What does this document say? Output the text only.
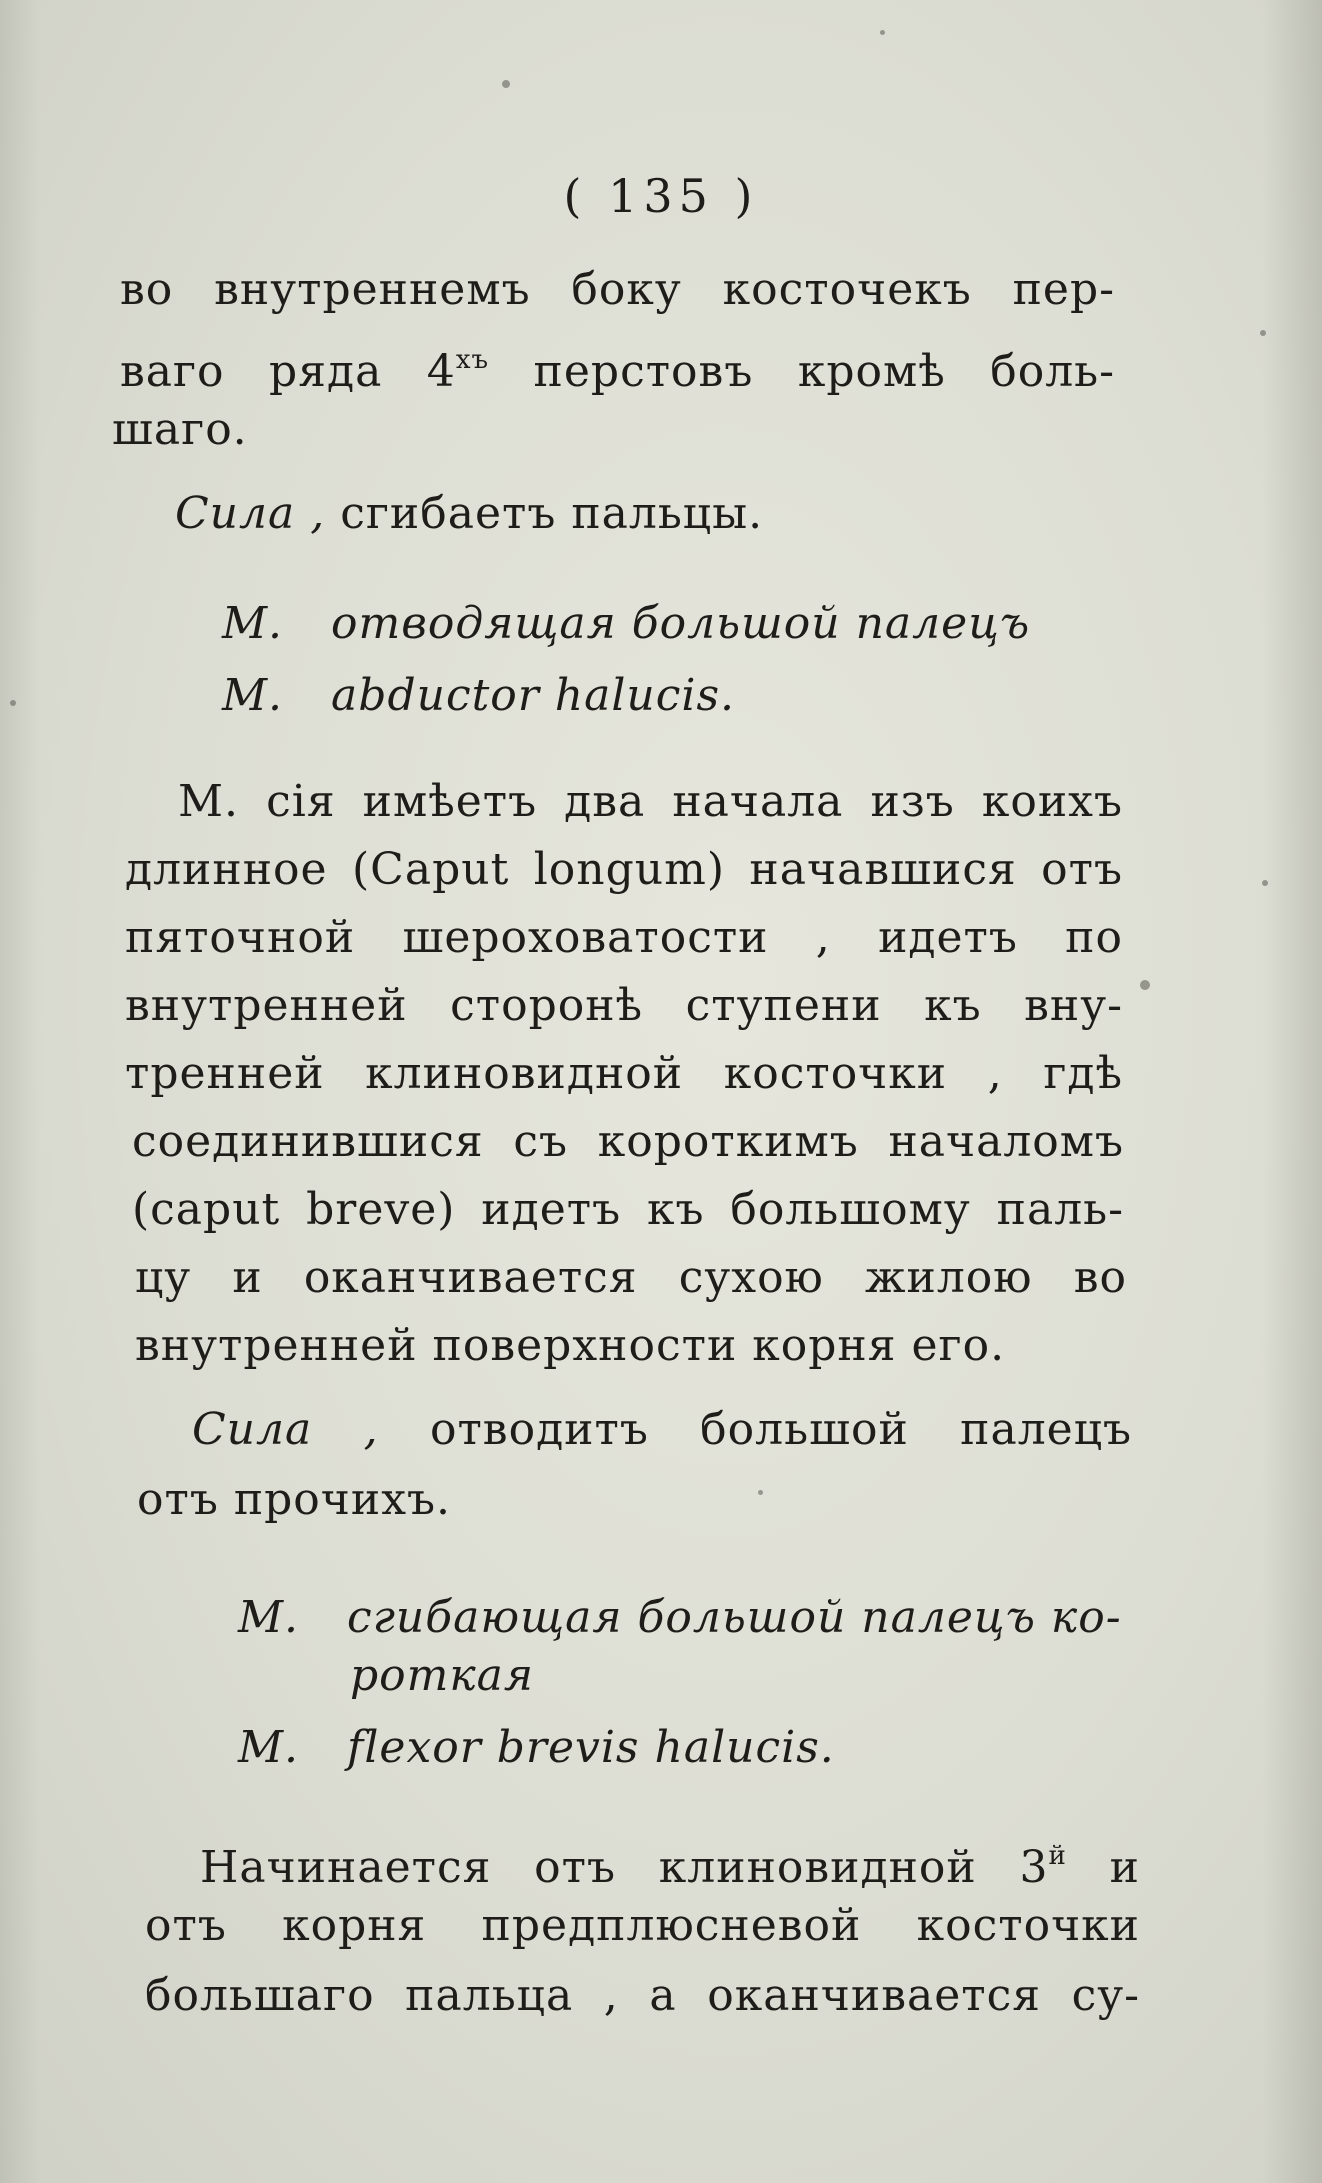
( 135 )
во внутреннемъ боку косточекъ пер-
ваго ряда $4^{хъ}$ перстовъ кромѣ боль-
шаго.
Сила , сгибаетъ пальцы.
М. отводящая большой палецъ
М. abductor halucis.
М. сія имѣетъ два начала изъ коихъ
длинное (Caput longum) начавшися отъ
пяточной шероховатости , идетъ по
внутренней сторонѣ ступени къ вну-
тренней клиновидной косточки , гдѣ
соединившися съ короткимъ началомъ
(caput breve) идетъ къ большому паль-
цу и оканчивается сухою жилою во
внутренней поверхности корня его.
Сила , отводитъ большой палецъ
отъ прочихъ.
М. сгибающая большой палецъ ко-
роткая
М. flexor brevis halucis.
Начинается отъ клиновидной $3^й$ и
отъ корня предплюсневой косточки
большаго пальца , а оканчивается су-
